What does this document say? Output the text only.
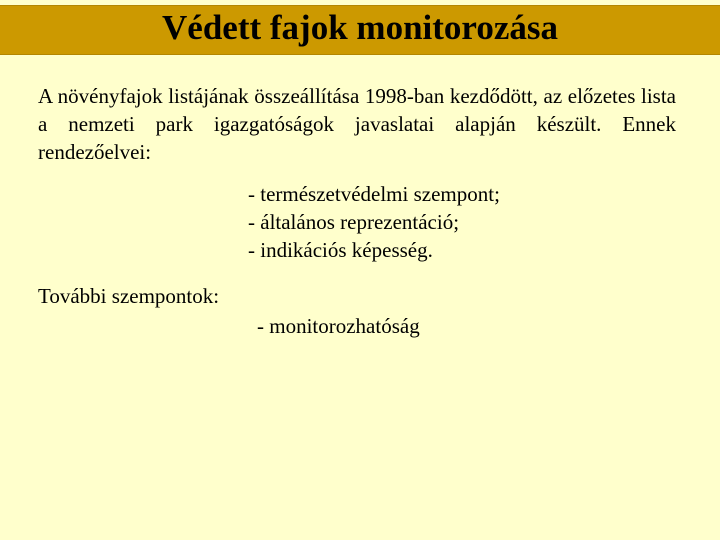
Védett fajok monitorozása
A növényfajok listájának összeállítása 1998-ban kezdődött, az előzetes lista a nemzeti park igazgatóságok javaslatai alapján készült. Ennek rendezőelvei:
- természetvédelmi szempont;
- általános reprezentáció;
- indikációs képesség.
További szempontok:
- monitorozhatóság
